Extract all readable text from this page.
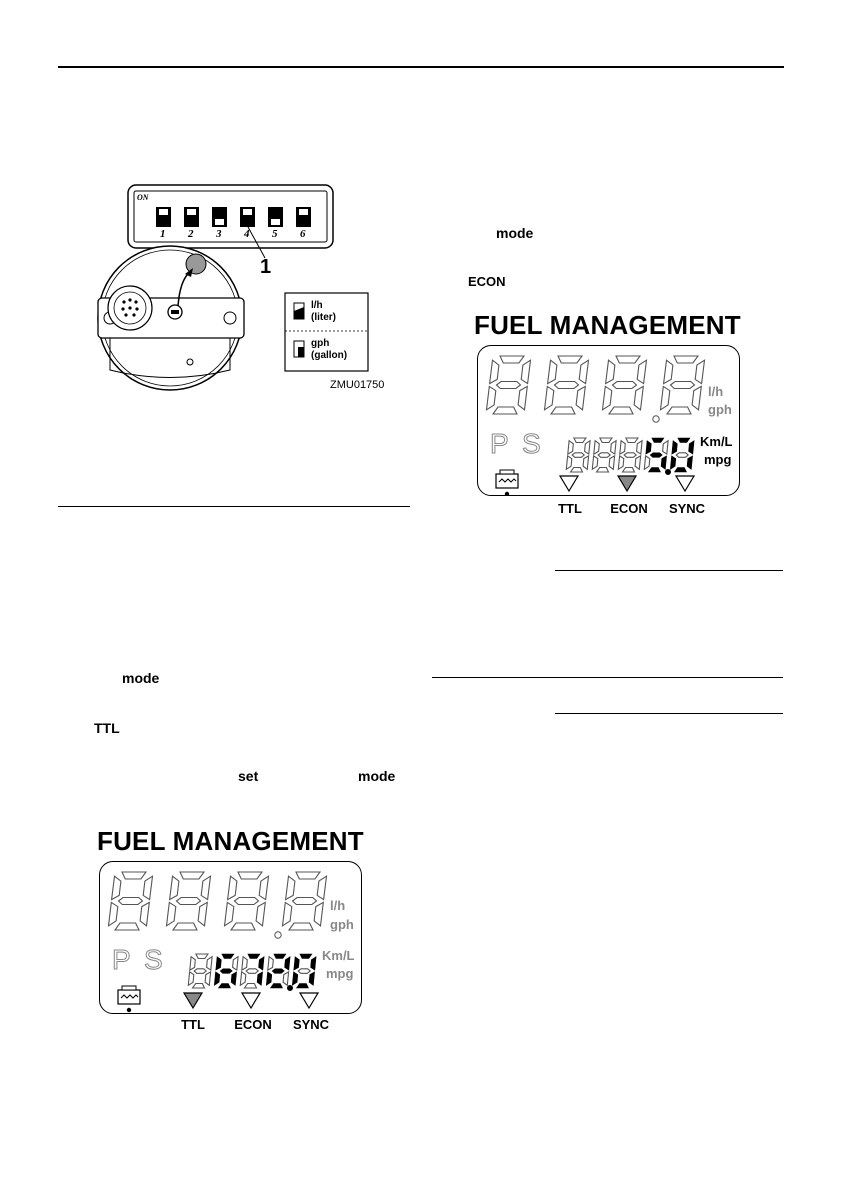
ON
1 2 3 4 5 6
1
l/h
(liter)
gph
(gallon)
ZMU01750
mode
TTL
set	mode
mode
ECON
FUEL MANAGEMENT
l/h
gph
Km/L
mpg
P S
TTL	ECON	SYNC
FUEL MANAGEMENT
l/h
gph
Km/L
mpg
P S
TTL	ECON	SYNC
